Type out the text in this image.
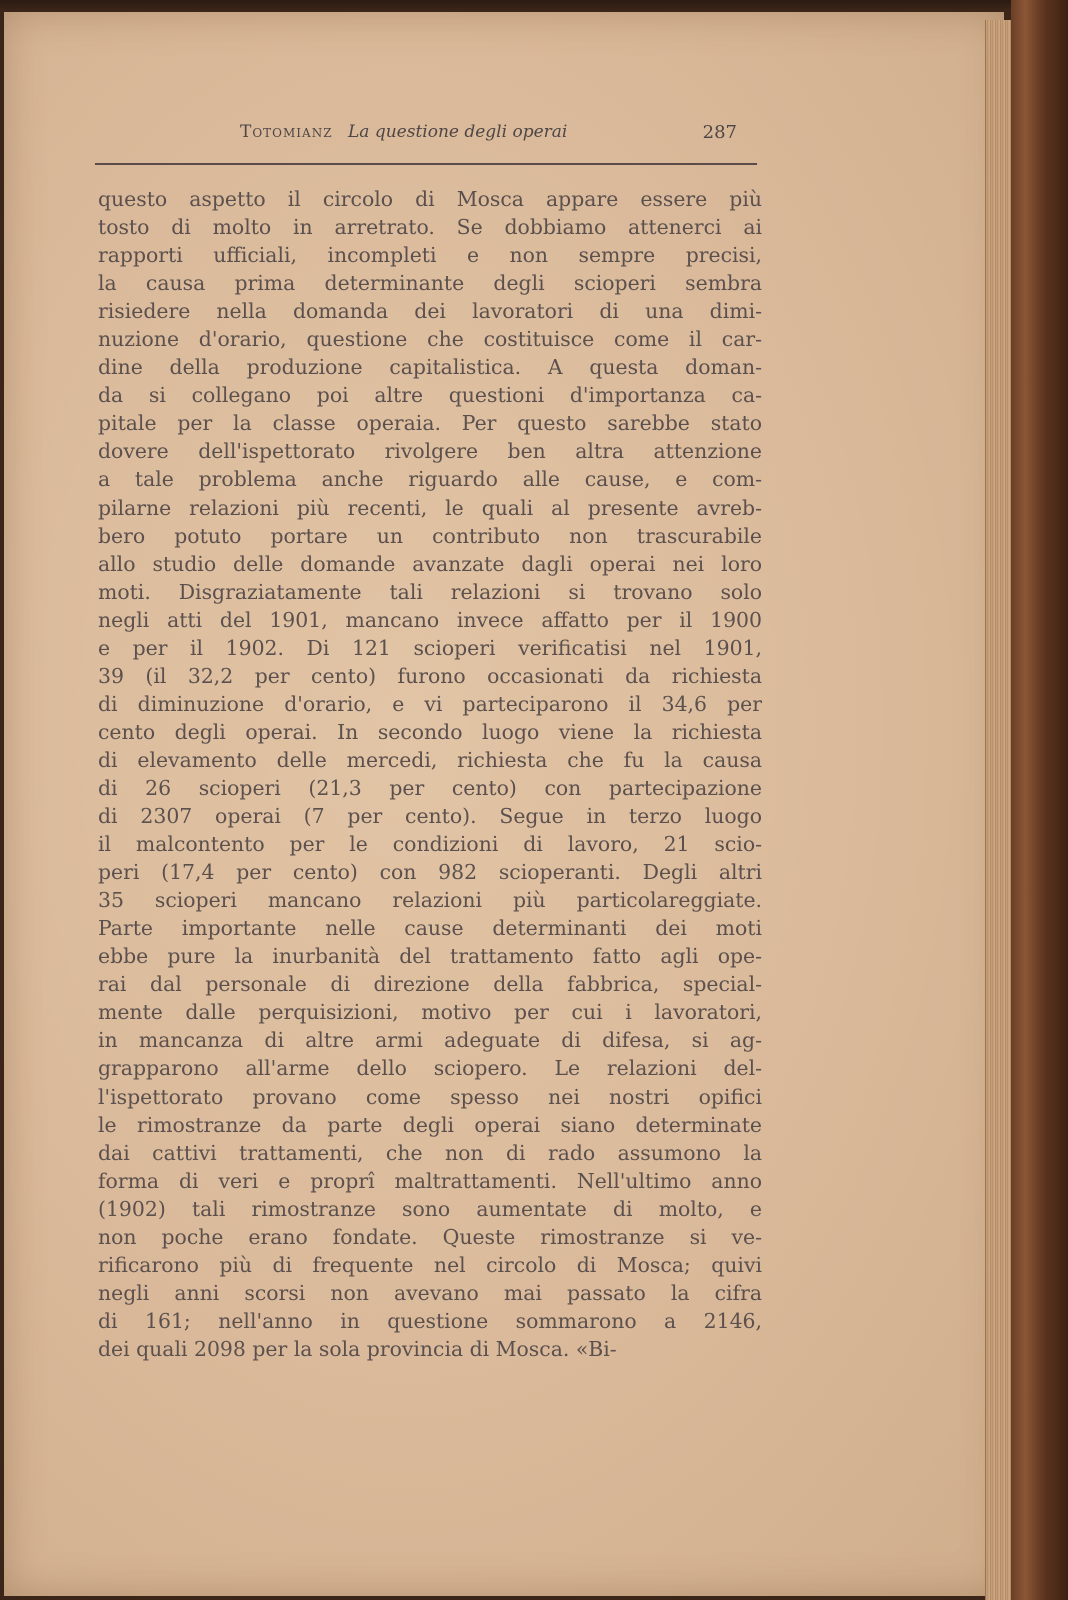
Totomianz La questione degli operai	287
questo aspetto il circolo di Mosca appare essere più
tosto di molto in arretrato. Se dobbiamo attenerci ai
rapporti ufficiali, incompleti e non sempre precisi,
la causa prima determinante degli scioperi sembra
risiedere nella domanda dei lavoratori di una dimi-
nuzione d'orario, questione che costituisce come il car-
dine della produzione capitalistica. A questa doman-
da si collegano poi altre questioni d'importanza ca-
pitale per la classe operaia. Per questo sarebbe stato
dovere dell'ispettorato rivolgere ben altra attenzione
a tale problema anche riguardo alle cause, e com-
pilarne relazioni più recenti, le quali al presente avreb-
bero potuto portare un contributo non trascurabile
allo studio delle domande avanzate dagli operai nei loro
moti. Disgraziatamente tali relazioni si trovano solo
negli atti del 1901, mancano invece affatto per il 1900
e per il 1902. Di 121 scioperi verificatisi nel 1901,
39 (il 32,2 per cento) furono occasionati da richiesta
di diminuzione d'orario, e vi parteciparono il 34,6 per
cento degli operai. In secondo luogo viene la richiesta
di elevamento delle mercedi, richiesta che fu la causa
di 26 scioperi (21,3 per cento) con partecipazione
di 2307 operai (7 per cento). Segue in terzo luogo
il malcontento per le condizioni di lavoro, 21 scio-
peri (17,4 per cento) con 982 scioperanti. Degli altri
35 scioperi mancano relazioni più particolareggiate.
Parte importante nelle cause determinanti dei moti
ebbe pure la inurbanità del trattamento fatto agli ope-
rai dal personale di direzione della fabbrica, special-
mente dalle perquisizioni, motivo per cui i lavoratori,
in mancanza di altre armi adeguate di difesa, si ag-
grapparono all'arme dello sciopero. Le relazioni del-
l'ispettorato provano come spesso nei nostri opifici
le rimostranze da parte degli operai siano determinate
dai cattivi trattamenti, che non di rado assumono la
forma di veri e proprî maltrattamenti. Nell'ultimo anno
(1902) tali rimostranze sono aumentate di molto, e
non poche erano fondate. Queste rimostranze si ve-
rificarono più di frequente nel circolo di Mosca; quivi
negli anni scorsi non avevano mai passato la cifra
di 161; nell'anno in questione sommarono a 2146,
dei quali 2098 per la sola provincia di Mosca. «Bi-
